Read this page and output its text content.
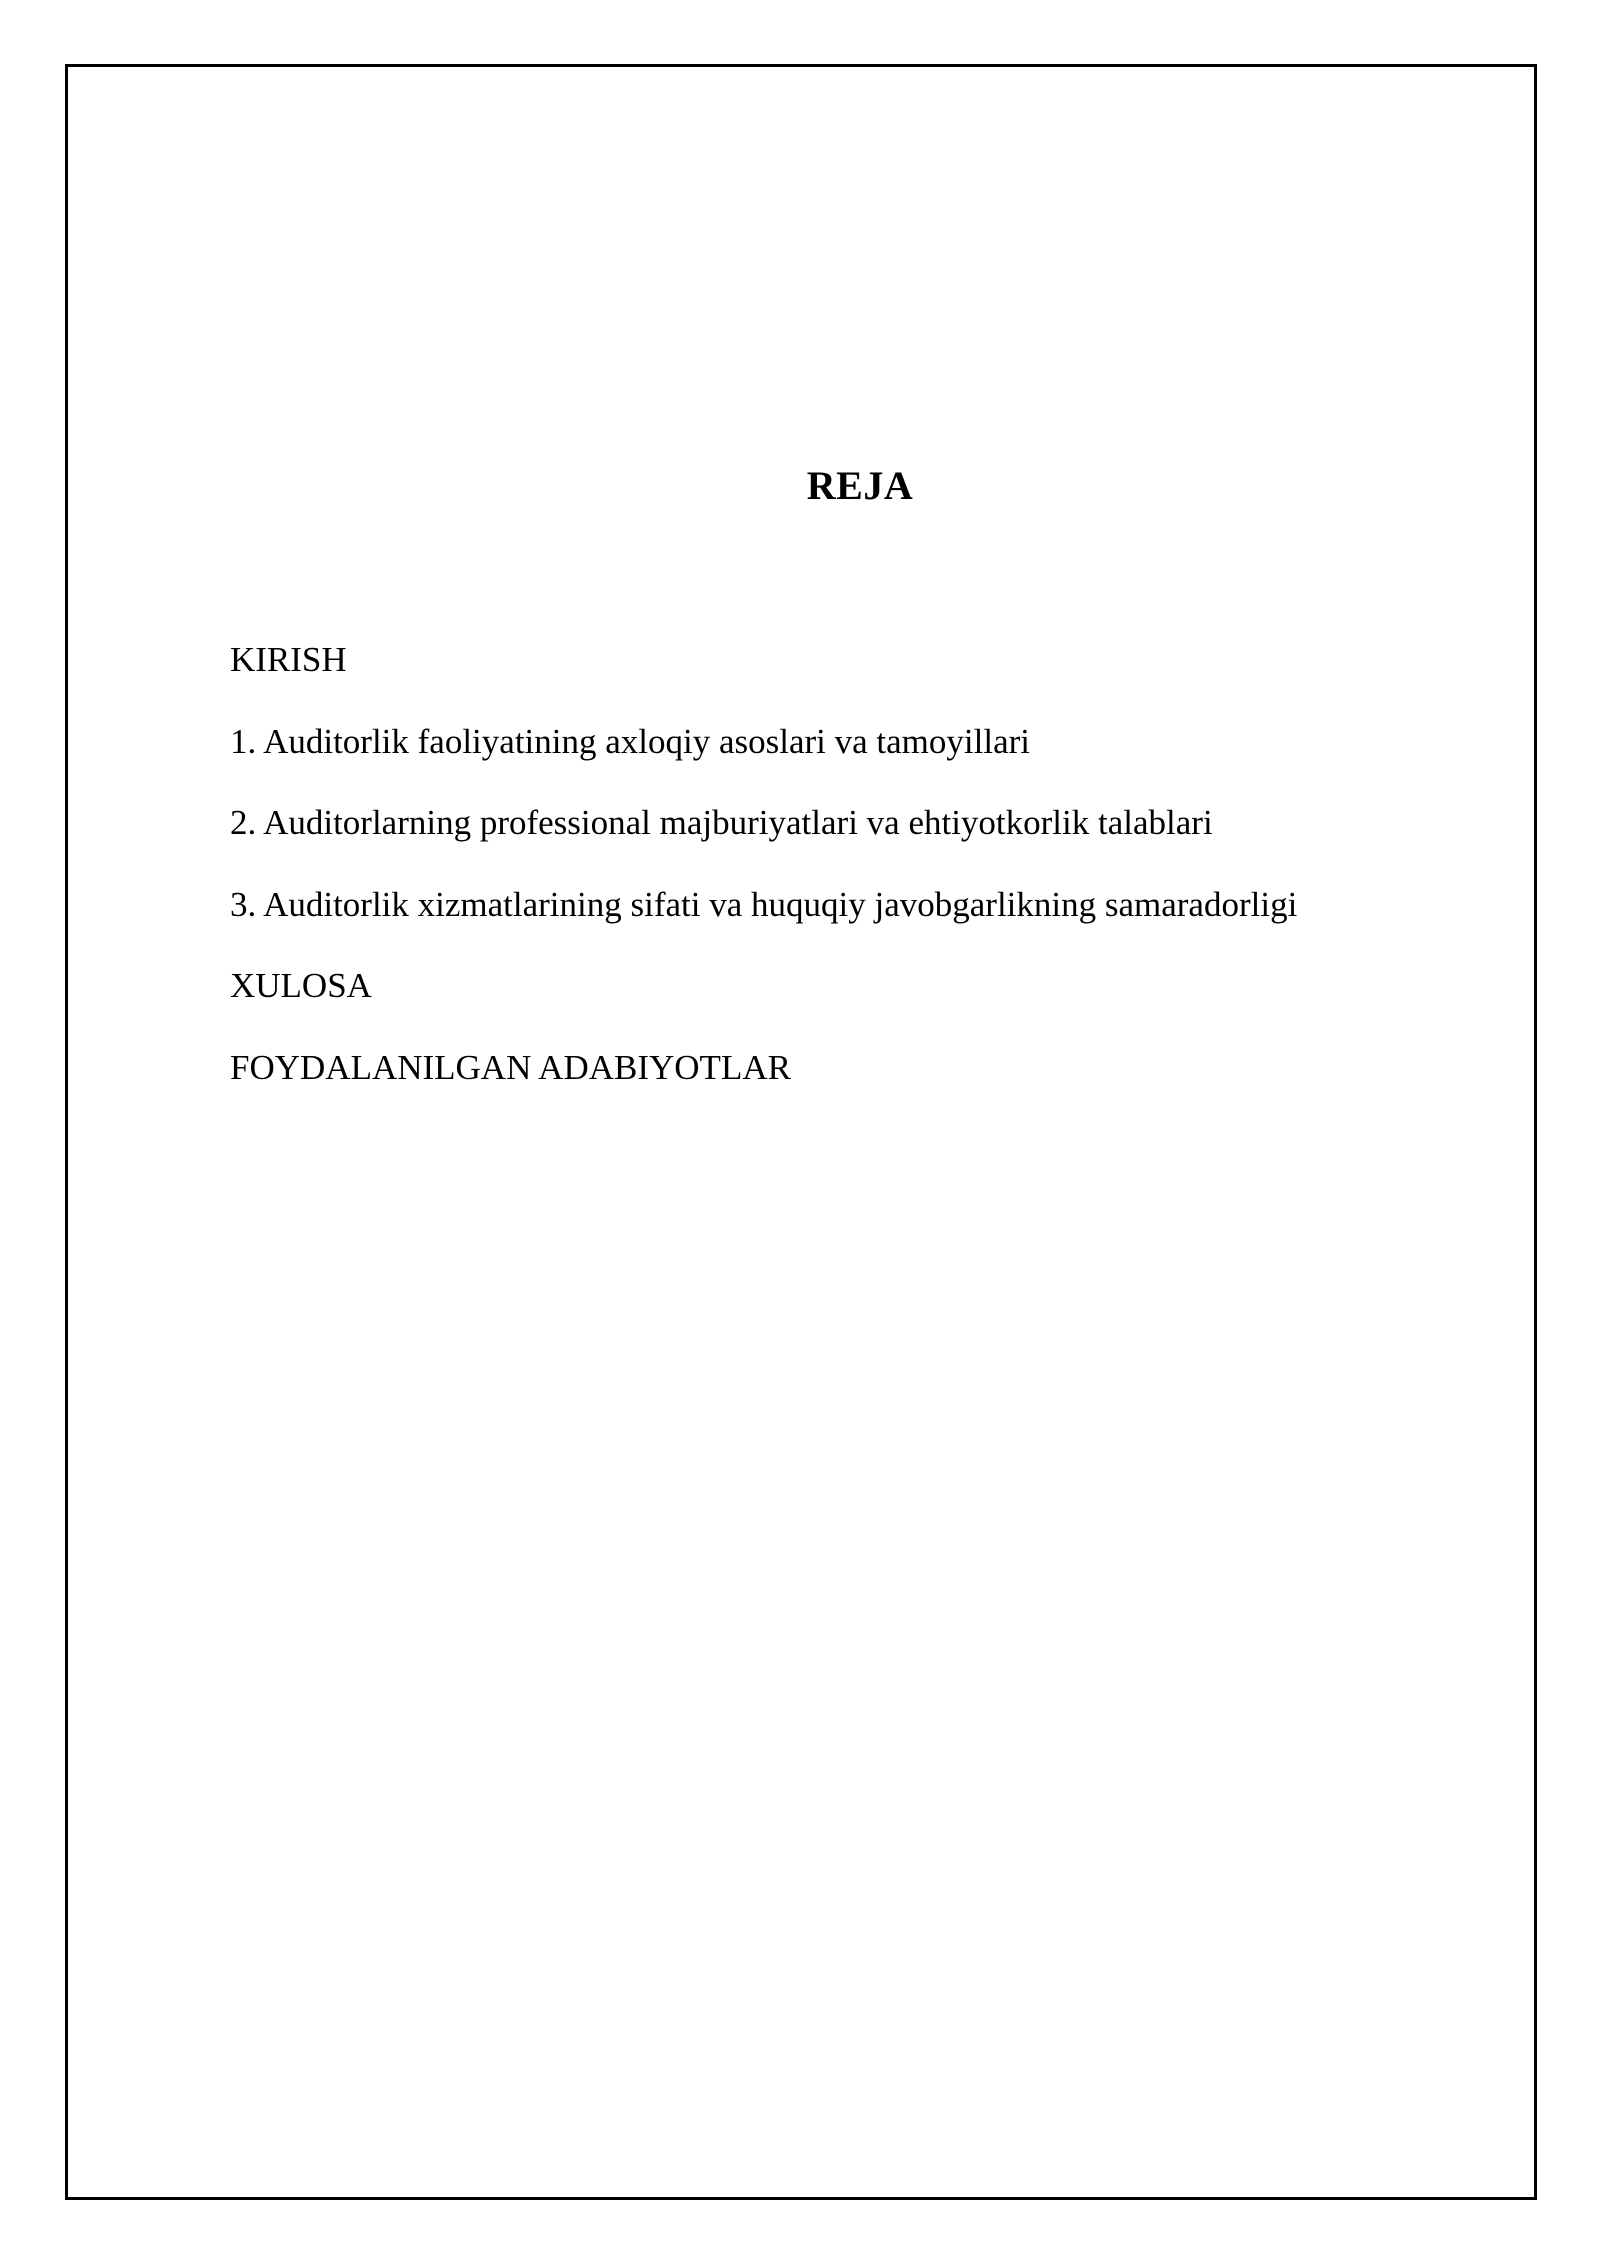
REJA
KIRISH
1. Auditorlik faoliyatining axloqiy asoslari va tamoyillari
2. Auditorlarning professional majburiyatlari va ehtiyotkorlik talablari
3. Auditorlik xizmatlarining sifati va huquqiy javobgarlikning samaradorligi
XULOSA
FOYDALANILGAN ADABIYOTLAR
